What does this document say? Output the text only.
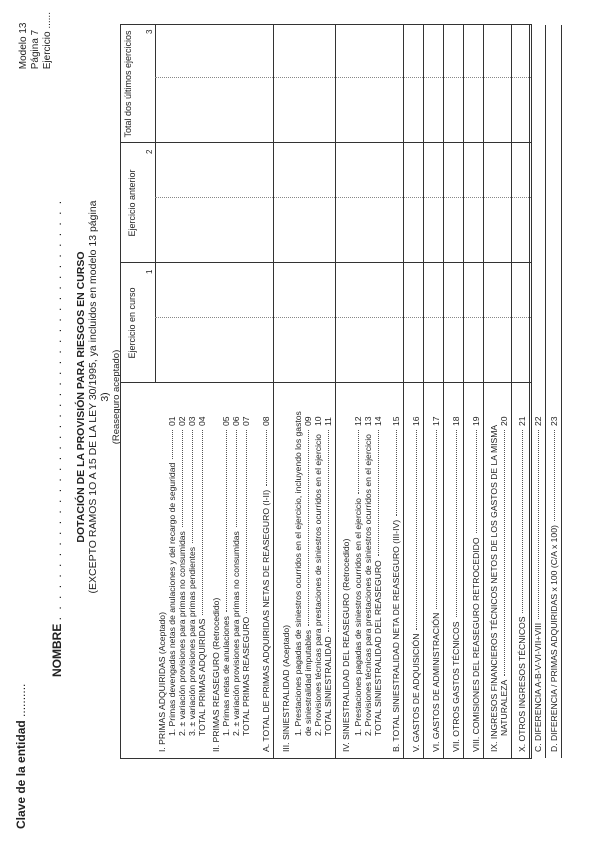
Clave de la entidad ..........
Modelo 13 Página 7 Ejercicio ......
NOMBRE . . . . . . . . . . . . . . . . . . . . . . . . . . . . . . . . . . . . . . . . DOTACIÓN DE LA PROVISIÓN PARA RIESGOS EN CURSO (EXCEPTO RAMOS 1O A 15 DE LA LEY 30/1995, ya incluidos en modelo 13 página 3) (Reaseguro aceptado)
Ejercicio en curso
Ejercicio anterior
Total dos últimos ejercicios
1
2
3
I. PRIMAS ADQUIRIDAS (Aceptado) 1. Primas devengadas netas de anulaciones y del recargo de seguridad
01
2. ± variación provisiones para primas no consumidas
02
3. ± variación provisiones para primas pendientes
03
TOTAL PRIMAS ADQUIRIDAS
04
II. PRIMAS REASEGURO (Retrocedido) 1. Primas netas de anulaciones
05
2. ± variación provisiones para primas no consumidas
06
TOTAL PRIMAS REASEGURO
07
A. TOTAL DE PRIMAS ADQUIRIDAS NETAS DE REASEGURO (I-II)
08
III. SINIESTRALIDAD (Aceptado) 1. Prestaciones pagadas de siniestros ocurridos en el ejercicio, incluyendo los gastos de siniestralidad imputables
09
2. Provisiones técnicas para prestaciones de siniestros ocurridos en el ejercicio
10
TOTAL SINIESTRALIDAD
11
IV. SINIESTRALIDAD DEL REASEGURO (Retrocedido) 1. Prestaciones pagadas de siniestros ocurridos en el ejercicio
12
2. Provisiones técnicas para prestaciones de siniestros ocurridos en el ejercicio
13
TOTAL SINIESTRALIDAD DEL REASEGURO
14
B. TOTAL SINIESTRALIDAD NETA DE REASEGURO (III-IV)
15
V. GASTOS DE ADQUISICIÓN
16
VI. GASTOS DE ADMINISTRACIÓN
17
VII. OTROS GASTOS TÉCNICOS
18
VIII. COMISIONES DEL REASEGURO RETROCEDIDO
19
IX. INGRESOS FINANCIEROS TÉCNICOS NETOS DE LOS GASTOS DE LA MISMA NATURALEZA
20
X. OTROS INGRESOS TÉCNICOS
21
C. DIFERENCIA A-B-V-VI-VII+VIII
22
D. DIFERENCIA / PRIMAS ADQUIRIDAS x 100 (C/A x 100)
23
